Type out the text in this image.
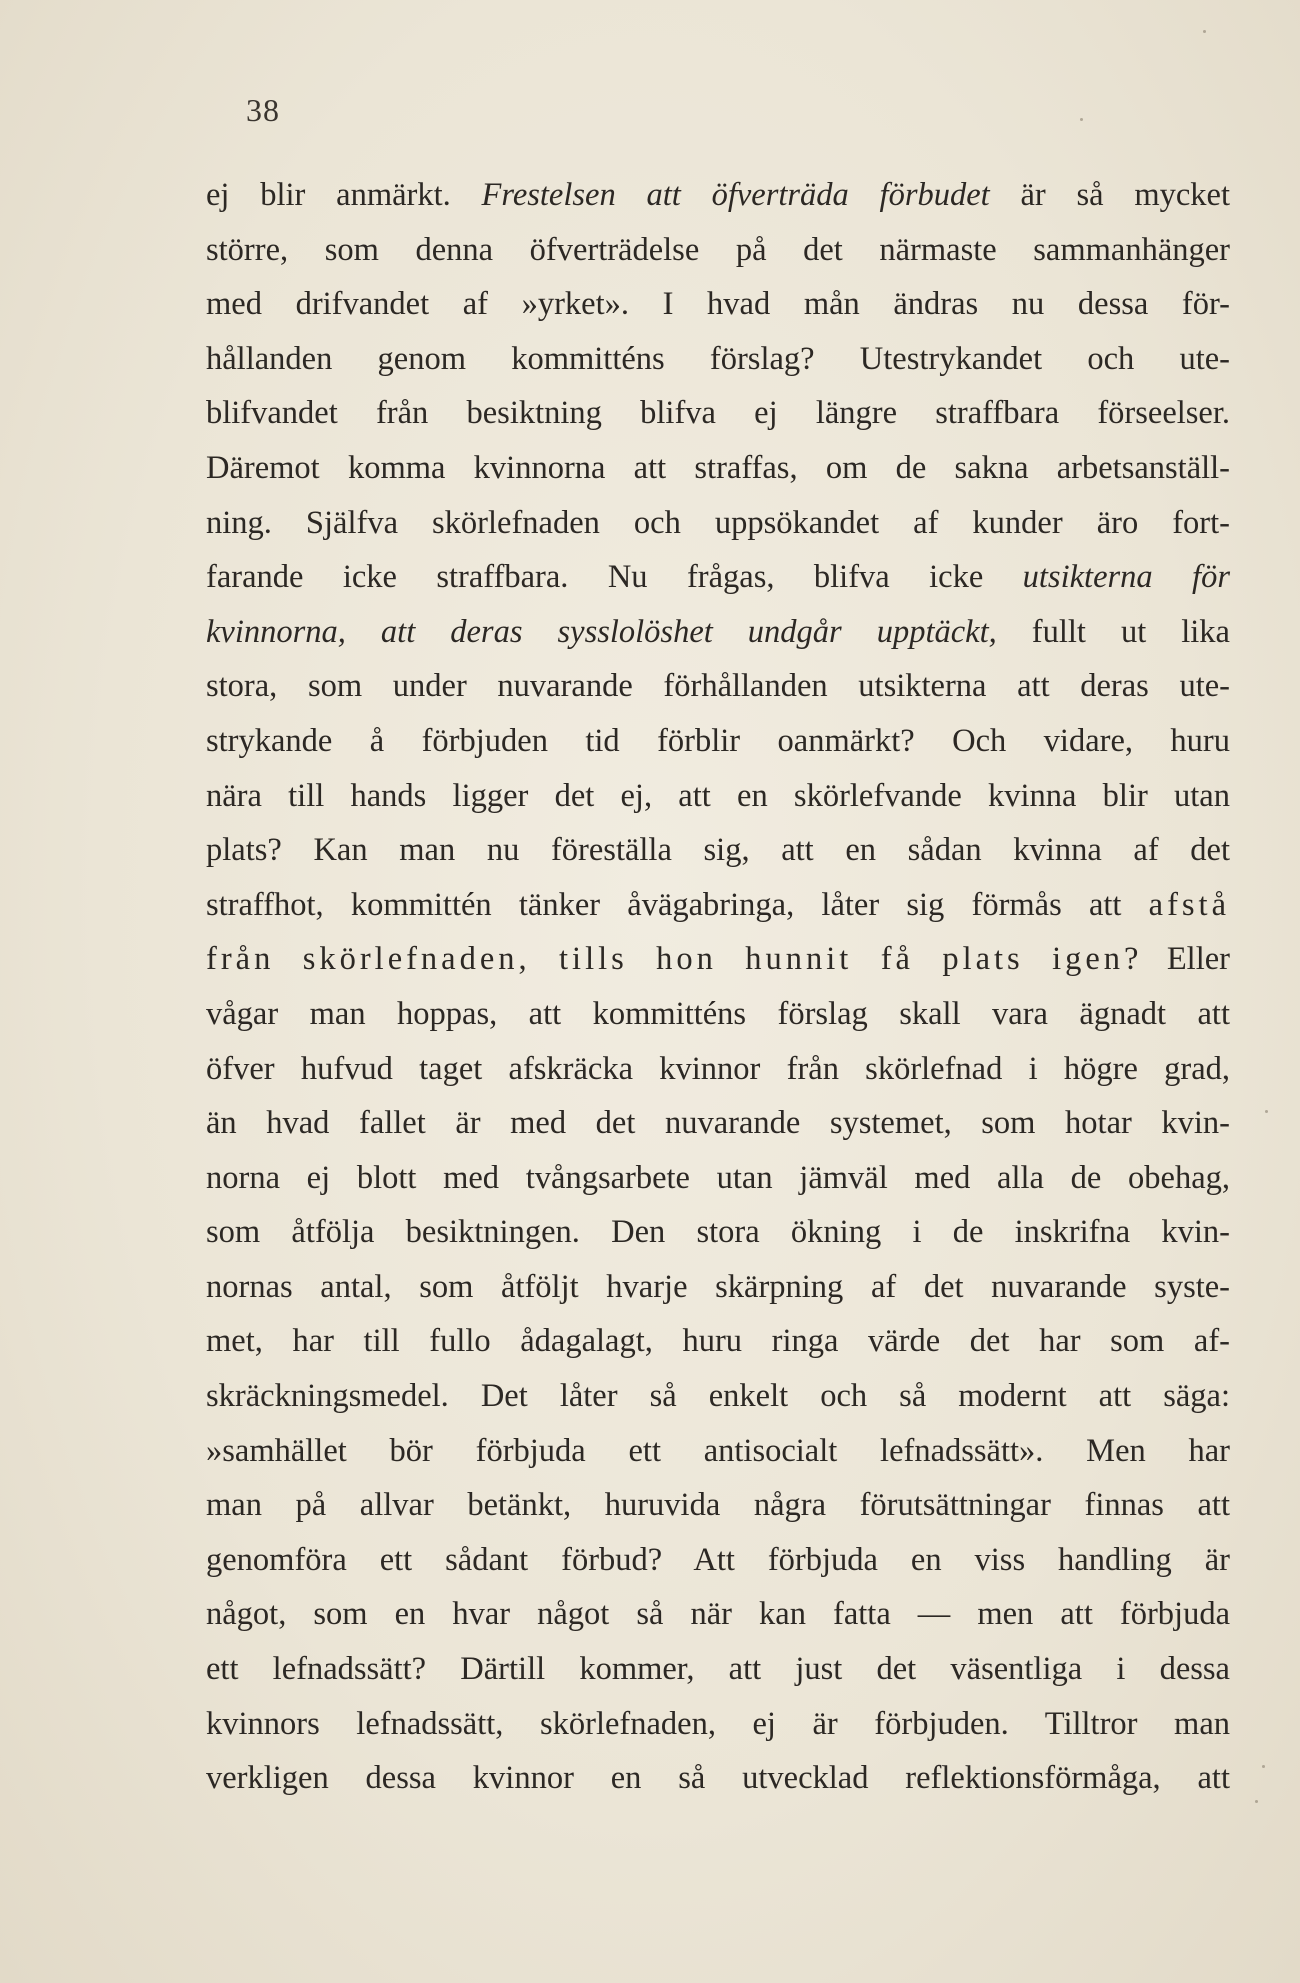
38
ej blir anmärkt. Frestelsen att öfverträda förbudet är så mycket
större, som denna öfverträdelse på det närmaste sammanhänger
med drifvandet af »yrket». I hvad mån ändras nu dessa för-
hållanden genom kommitténs förslag? Utestrykandet och ute-
blifvandet från besiktning blifva ej längre straffbara förseelser.
Däremot komma kvinnorna att straffas, om de sakna arbetsanställ-
ning. Själfva skörlefnaden och uppsökandet af kunder äro fort-
farande icke straffbara. Nu frågas, blifva icke utsikterna för
kvinnorna, att deras sysslolöshet undgår upptäckt, fullt ut lika
stora, som under nuvarande förhållanden utsikterna att deras ute-
strykande å förbjuden tid förblir oanmärkt? Och vidare, huru
nära till hands ligger det ej, att en skörlefvande kvinna blir utan
plats? Kan man nu föreställa sig, att en sådan kvinna af det
straffhot, kommittén tänker åvägabringa, låter sig förmås att afstå
från skörlefnaden, tills hon hunnit få plats igen? Eller
vågar man hoppas, att kommitténs förslag skall vara ägnadt att
öfver hufvud taget afskräcka kvinnor från skörlefnad i högre grad,
än hvad fallet är med det nuvarande systemet, som hotar kvin-
norna ej blott med tvångsarbete utan jämväl med alla de obehag,
som åtfölja besiktningen. Den stora ökning i de inskrifna kvin-
nornas antal, som åtföljt hvarje skärpning af det nuvarande syste-
met, har till fullo ådagalagt, huru ringa värde det har som af-
skräckningsmedel. Det låter så enkelt och så modernt att säga:
»samhället bör förbjuda ett antisocialt lefnadssätt». Men har
man på allvar betänkt, huruvida några förutsättningar finnas att
genomföra ett sådant förbud? Att förbjuda en viss handling är
något, som en hvar något så när kan fatta — men att förbjuda
ett lefnadssätt? Därtill kommer, att just det väsentliga i dessa
kvinnors lefnadssätt, skörlefnaden, ej är förbjuden. Tilltror man
verkligen dessa kvinnor en så utvecklad reflektionsförmåga, att
